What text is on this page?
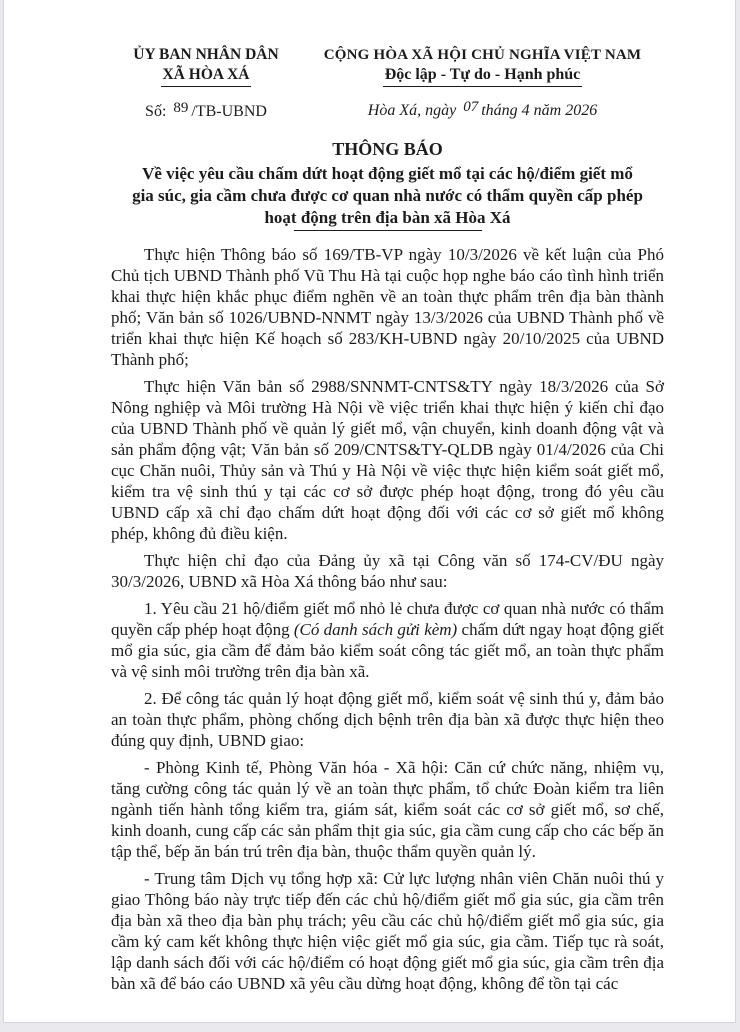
ỦY BAN NHÂN DÂN
XÃ HÒA XÁ
Số: 89 /TB-UBND
CỘNG HÒA XÃ HỘI CHỦ NGHĨA VIỆT NAM
Độc lập - Tự do - Hạnh phúc
Hòa Xá, ngày 07 tháng 4 năm 2026
THÔNG BÁO
Về việc yêu cầu chấm dứt hoạt động giết mổ tại các hộ/điểm giết mổ
gia súc, gia cầm chưa được cơ quan nhà nước có thẩm quyền cấp phép
hoạt động trên địa bàn xã Hòa Xá

Thực hiện Thông báo số 169/TB-VP ngày 10/3/2026 về kết luận của Phó Chủ tịch UBND Thành phố Vũ Thu Hà tại cuộc họp nghe báo cáo tình hình triển khai thực hiện khắc phục điểm nghẽn về an toàn thực phẩm trên địa bàn thành phố; Văn bản số 1026/UBND-NNMT ngày 13/3/2026 của UBND Thành phố về triển khai thực hiện Kế hoạch số 283/KH-UBND ngày 20/10/2025 của UBND Thành phố;

Thực hiện Văn bản số 2988/SNNMT-CNTS&TY ngày 18/3/2026 của Sở Nông nghiệp và Môi trường Hà Nội về việc triển khai thực hiện ý kiến chỉ đạo của UBND Thành phố về quản lý giết mổ, vận chuyển, kinh doanh động vật và sản phẩm động vật; Văn bản số 209/CNTS&TY-QLDB ngày 01/4/2026 của Chi cục Chăn nuôi, Thủy sản và Thú y Hà Nội về việc thực hiện kiểm soát giết mổ, kiểm tra vệ sinh thú y tại các cơ sở được phép hoạt động, trong đó yêu cầu UBND cấp xã chỉ đạo chấm dứt hoạt động đối với các cơ sở giết mổ không phép, không đủ điều kiện.

Thực hiện chỉ đạo của Đảng ủy xã tại Công văn số 174-CV/ĐU ngày 30/3/2026, UBND xã Hòa Xá thông báo như sau:

1. Yêu cầu 21 hộ/điểm giết mổ nhỏ lẻ chưa được cơ quan nhà nước có thẩm quyền cấp phép hoạt động (Có danh sách gửi kèm) chấm dứt ngay hoạt động giết mổ gia súc, gia cầm để đảm bảo kiểm soát công tác giết mổ, an toàn thực phẩm và vệ sinh môi trường trên địa bàn xã.

2. Để công tác quản lý hoạt động giết mổ, kiểm soát vệ sinh thú y, đảm bảo an toàn thực phẩm, phòng chống dịch bệnh trên địa bàn xã được thực hiện theo đúng quy định, UBND giao:

- Phòng Kinh tế, Phòng Văn hóa - Xã hội: Căn cứ chức năng, nhiệm vụ, tăng cường công tác quản lý về an toàn thực phẩm, tổ chức Đoàn kiểm tra liên ngành tiến hành tổng kiểm tra, giám sát, kiểm soát các cơ sở giết mổ, sơ chế, kinh doanh, cung cấp các sản phẩm thịt gia súc, gia cầm cung cấp cho các bếp ăn tập thể, bếp ăn bán trú trên địa bàn, thuộc thẩm quyền quản lý.

- Trung tâm Dịch vụ tổng hợp xã: Cử lực lượng nhân viên Chăn nuôi thú y giao Thông báo này trực tiếp đến các chủ hộ/điểm giết mổ gia súc, gia cầm trên địa bàn xã theo địa bàn phụ trách; yêu cầu các chủ hộ/điểm giết mổ gia súc, gia cầm ký cam kết không thực hiện việc giết mổ gia súc, gia cầm. Tiếp tục rà soát, lập danh sách đối với các hộ/điểm có hoạt động giết mổ gia súc, gia cầm trên địa bàn xã để báo cáo UBND xã yêu cầu dừng hoạt động, không để tồn tại các
